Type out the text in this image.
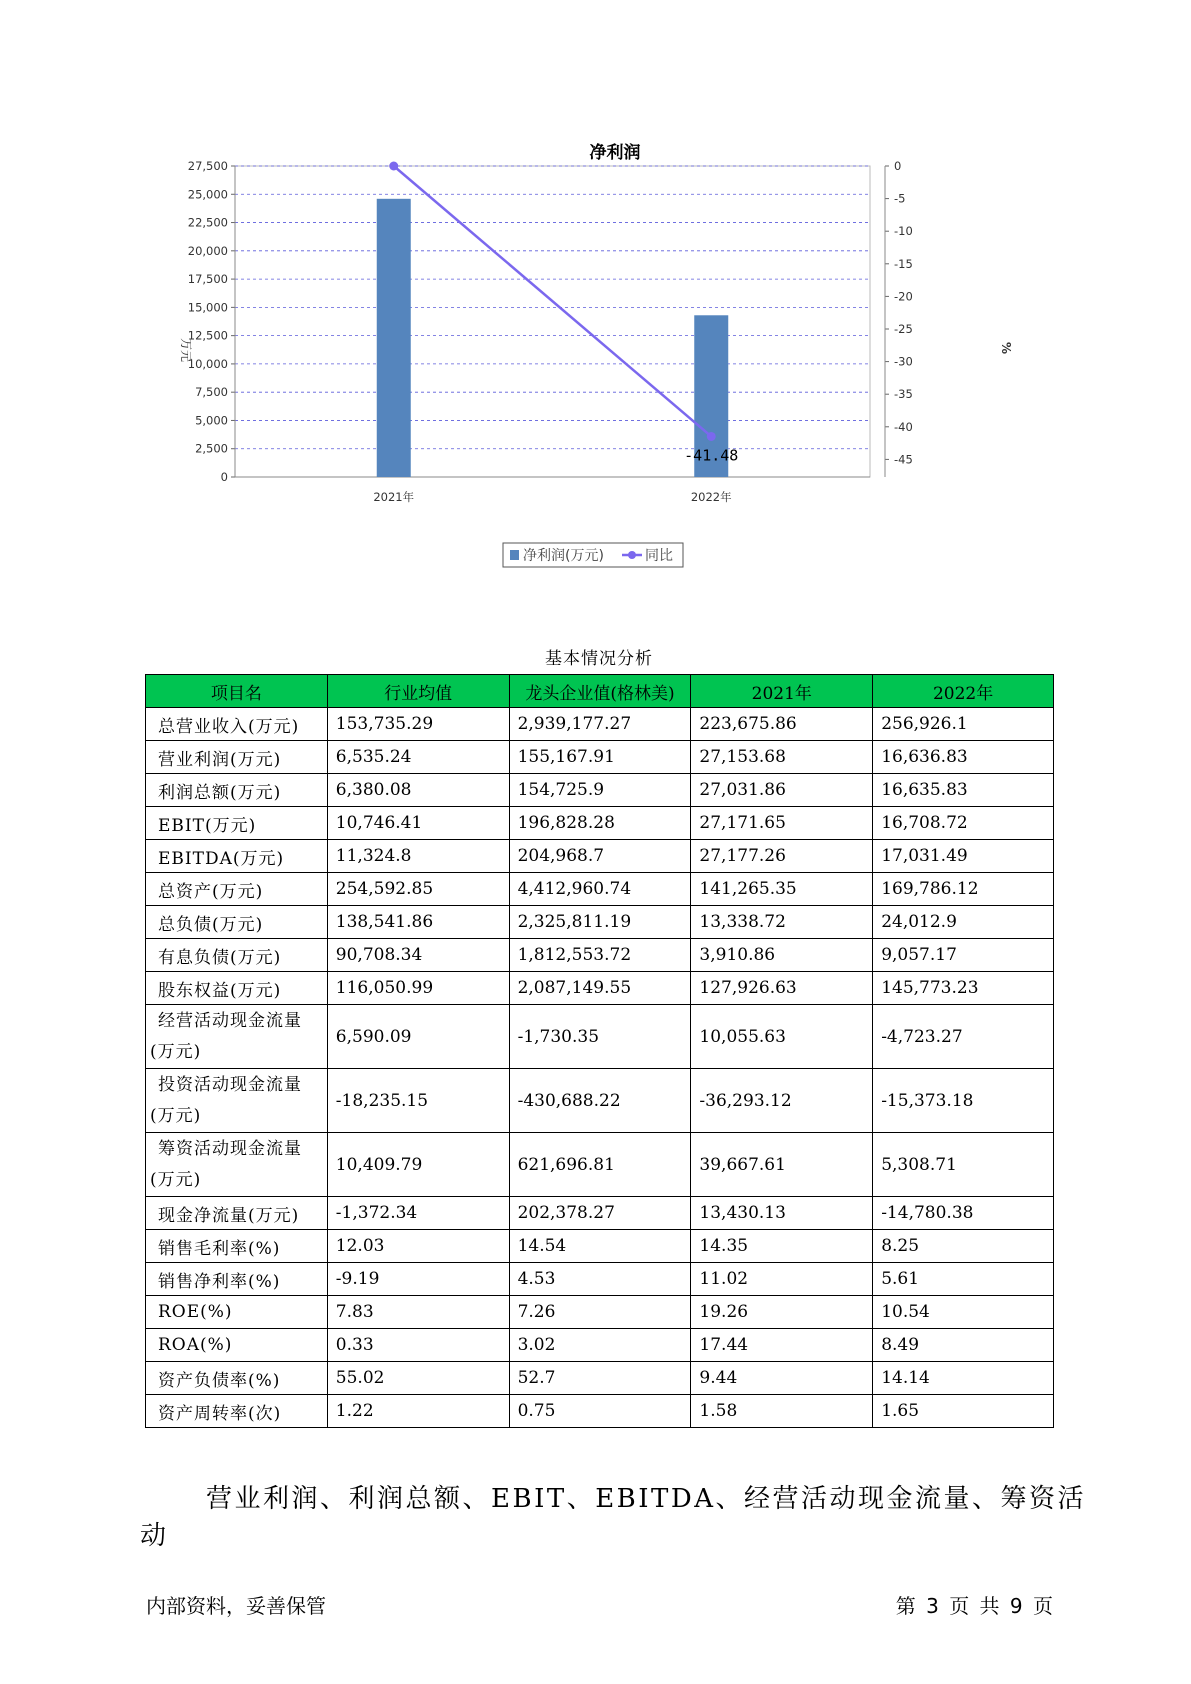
净利润
-41.48
0
2,500
5,000
7,500
10,000
12,500
15,000
17,500
20,000
22,500
25,000
27,500	0
-5
-10
-15
-20
-25
-30
-35
-40
-45
2021年	2022年
万元	%
净利润(万元)	同比
基本情况分析
项目名	行业均值	龙头企业值(格林美)	2021年	2022年
总营业收入(万元)	153,735.29	2,939,177.27	223,675.86	256,926.1
营业利润(万元)	6,535.24	155,167.91	27,153.68	16,636.83
利润总额(万元)	6,380.08	154,725.9	27,031.86	16,635.83
EBIT(万元)	10,746.41	196,828.28	27,171.65	16,708.72
EBITDA(万元)	11,324.8	204,968.7	27,177.26	17,031.49
总资产(万元)	254,592.85	4,412,960.74	141,265.35	169,786.12
总负债(万元)	138,541.86	2,325,811.19	13,338.72	24,012.9
有息负债(万元)	90,708.34	1,812,553.72	3,910.86	9,057.17
股东权益(万元)	116,050.99	2,087,149.55	127,926.63	145,773.23
经营活动现金流量
(万元)	6,590.09	-1,730.35	10,055.63	-4,723.27
投资活动现金流量
(万元)	-18,235.15	-430,688.22	-36,293.12	-15,373.18
筹资活动现金流量
(万元)	10,409.79	621,696.81	39,667.61	5,308.71
现金净流量(万元)	-1,372.34	202,378.27	13,430.13	-14,780.38
销售毛利率(%)	12.03	14.54	14.35	8.25
销售净利率(%)	-9.19	4.53	11.02	5.61
ROE(%)	7.83	7.26	19.26	10.54
ROA(%)	0.33	3.02	17.44	8.49
资产负债率(%)	55.02	52.7	9.44	14.14
资产周转率(次)	1.22	0.75	1.58	1.65
营业利润、利润总额、EBIT、EBITDA、经营活动现金流量、筹资活动
内部资料，妥善保管	第 3 页 共 9 页
